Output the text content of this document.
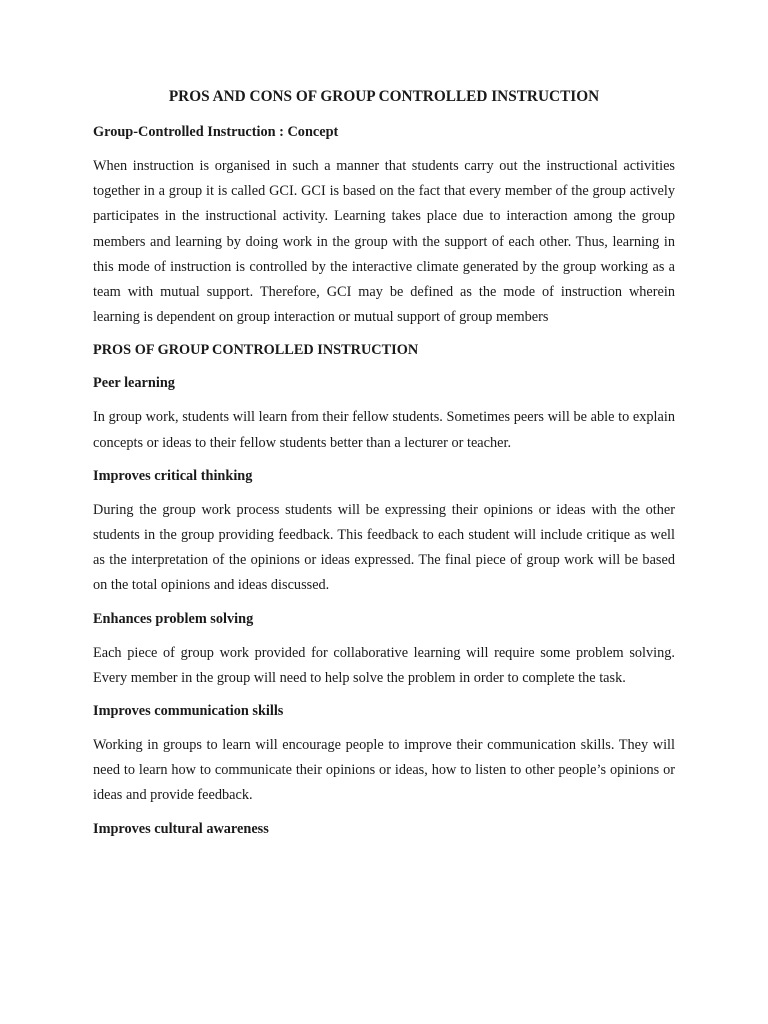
PROS AND CONS OF GROUP CONTROLLED INSTRUCTION
Group-Controlled Instruction : Concept
When instruction is organised in such a manner that students carry out the instructional activities together in a group it is called GCI. GCI is based on the fact that every member of the group actively participates in the instructional activity. Learning takes place due to interaction among the group members and learning by doing work in the group with the support of each other. Thus, learning in this mode of instruction is controlled by the interactive climate generated by the group working as a team with mutual support. Therefore, GCI may be defined as the mode of instruction wherein learning is dependent on group interaction or mutual support of group members
PROS OF GROUP CONTROLLED INSTRUCTION
Peer learning
In group work, students will learn from their fellow students. Sometimes peers will be able to explain concepts or ideas to their fellow students better than a lecturer or teacher.
Improves critical thinking
During the group work process students will be expressing their opinions or ideas with the other students in the group providing feedback. This feedback to each student will include critique as well as the interpretation of the opinions or ideas expressed. The final piece of group work will be based on the total opinions and ideas discussed.
Enhances problem solving
Each piece of group work provided for collaborative learning will require some problem solving. Every member in the group will need to help solve the problem in order to complete the task.
Improves communication skills
Working in groups to learn will encourage people to improve their communication skills. They will need to learn how to communicate their opinions or ideas, how to listen to other people’s opinions or ideas and provide feedback.
Improves cultural awareness
